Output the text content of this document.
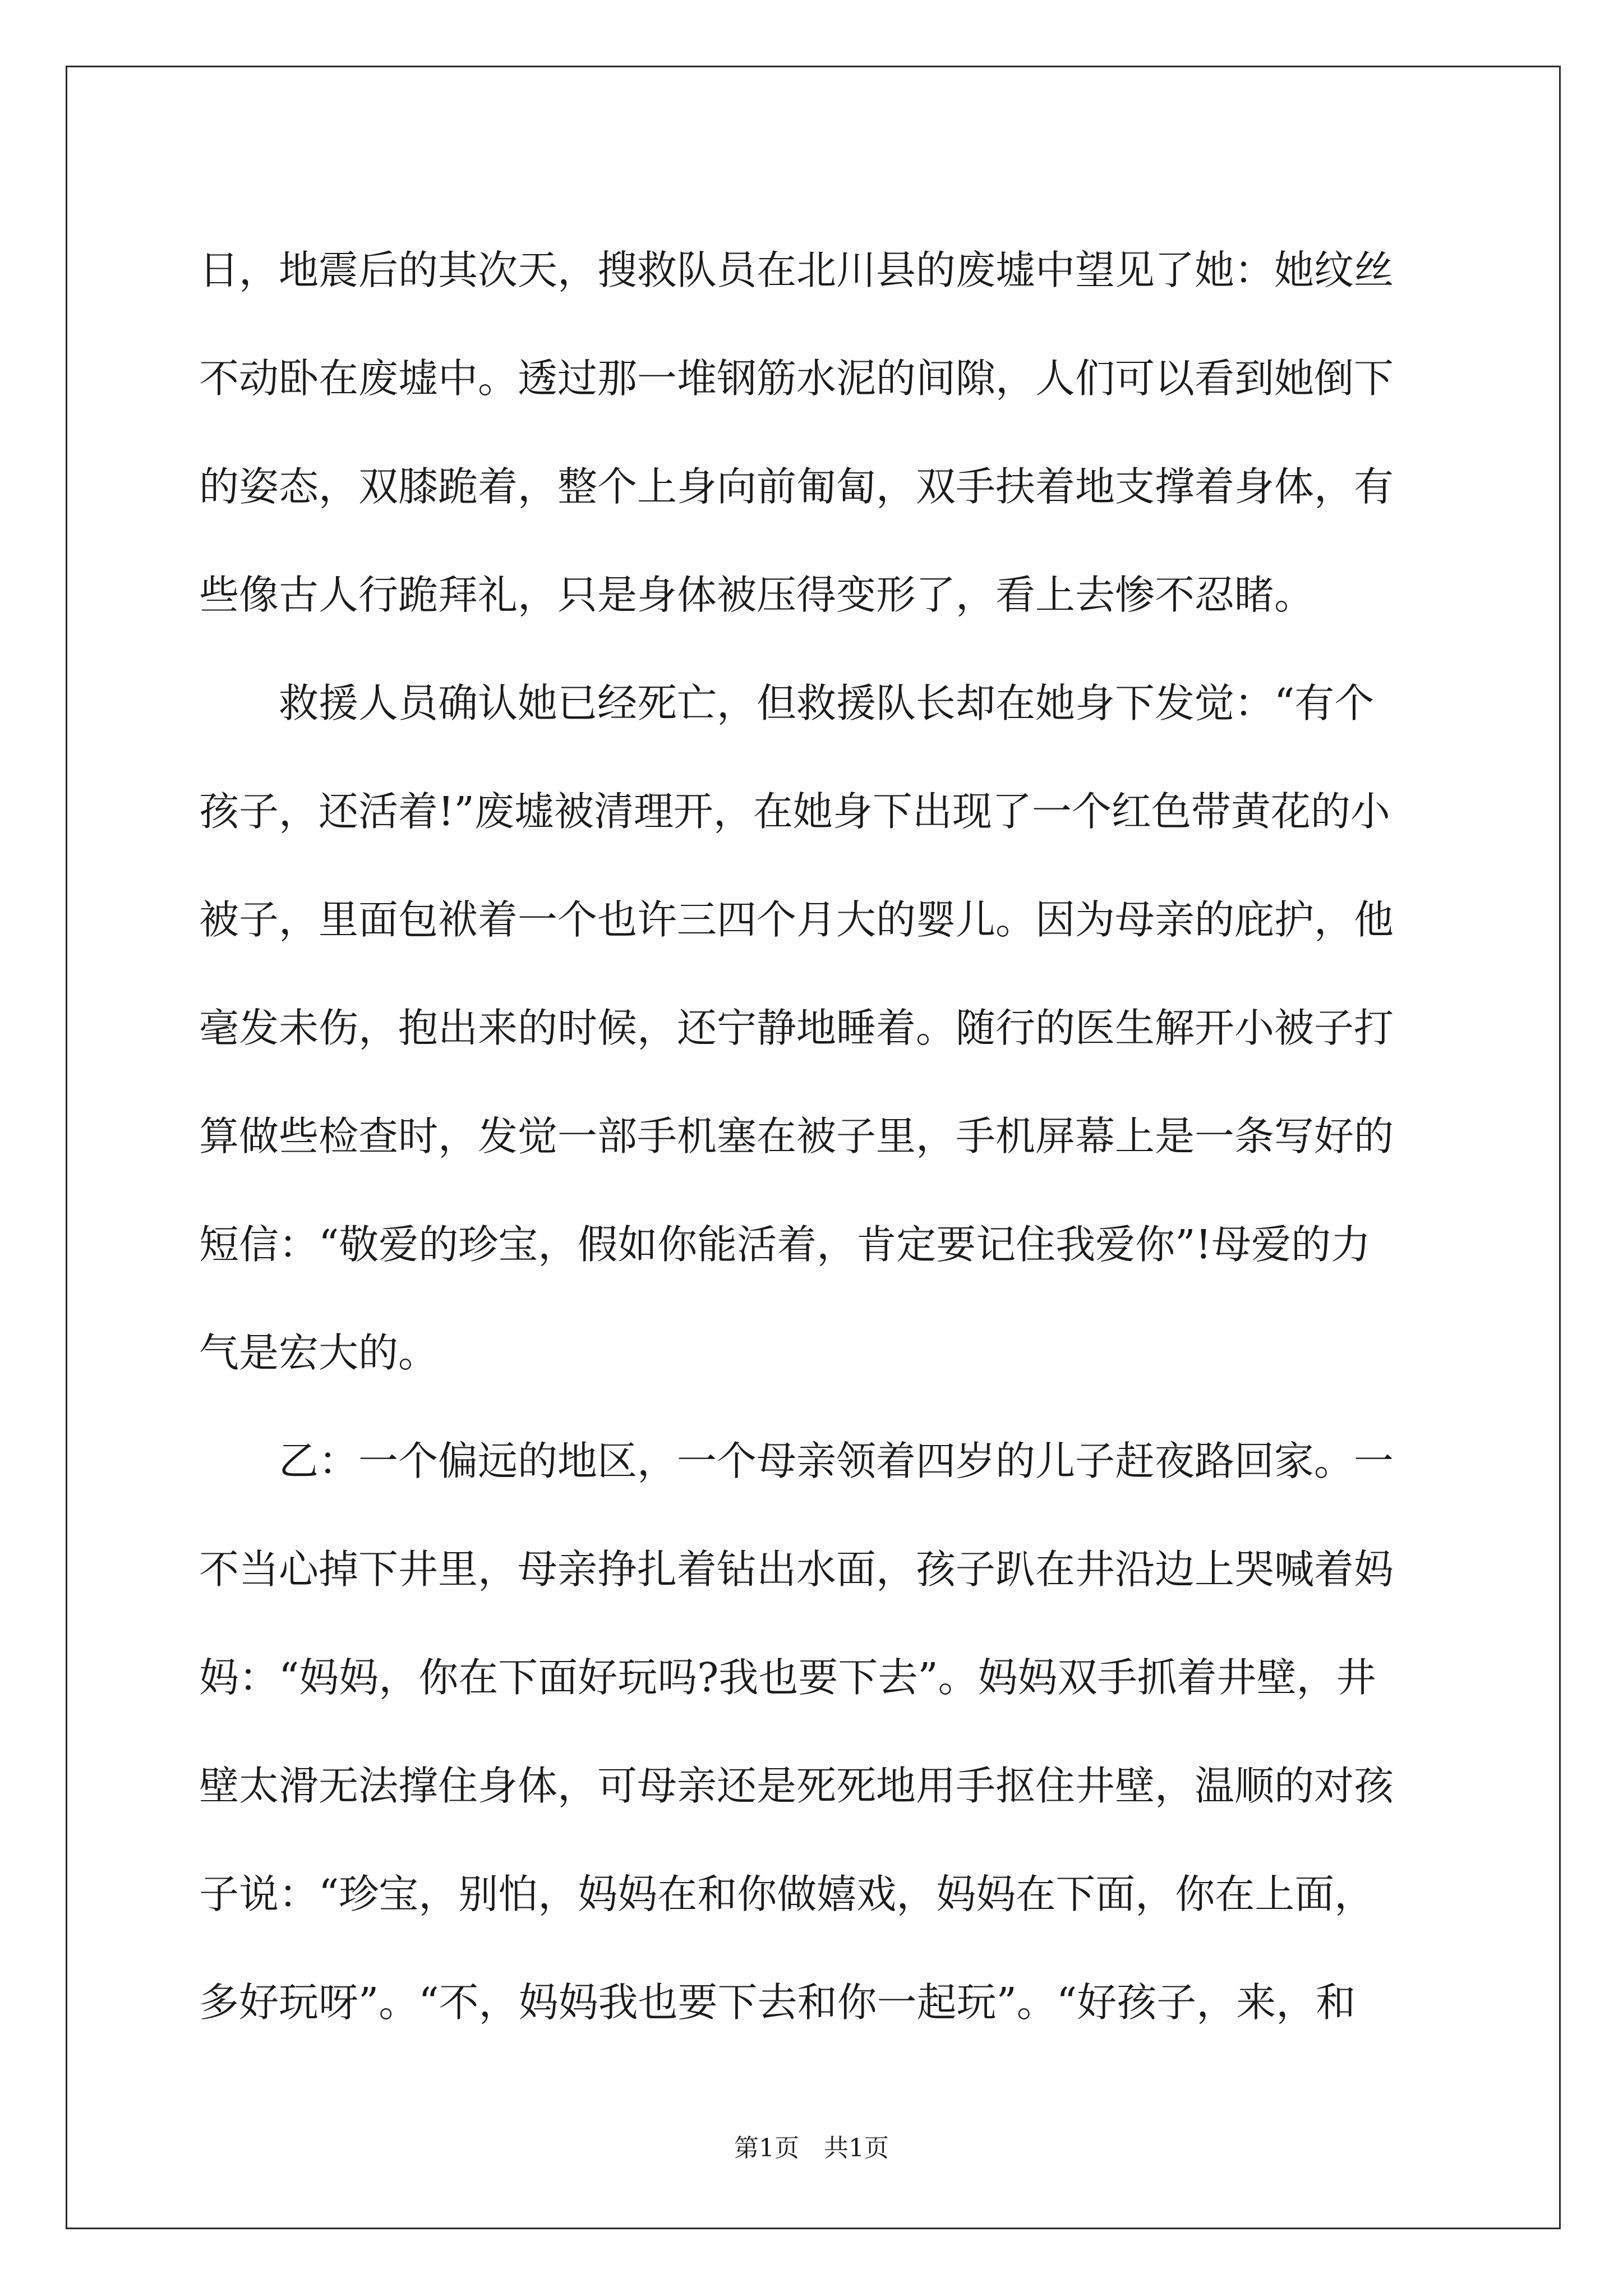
日，地震后的其次天，搜救队员在北川县的废墟中望见了她：她纹丝
不动卧在废墟中。透过那一堆钢筋水泥的间隙，人们可以看到她倒下
的姿态，双膝跪着，整个上身向前匍匐，双手扶着地支撑着身体，有
些像古人行跪拜礼，只是身体被压得变形了，看上去惨不忍睹。
　　救援人员确认她已经死亡，但救援队长却在她身下发觉：“有个
孩子，还活着!”废墟被清理开，在她身下出现了一个红色带黄花的小
被子，里面包袱着一个也许三四个月大的婴儿。因为母亲的庇护，他
毫发未伤，抱出来的时候，还宁静地睡着。随行的医生解开小被子打
算做些检查时，发觉一部手机塞在被子里，手机屏幕上是一条写好的
短信：“敬爱的珍宝，假如你能活着，肯定要记住我爱你”!母爱的力
气是宏大的。
　　乙：一个偏远的地区，一个母亲领着四岁的儿子赶夜路回家。一
不当心掉下井里，母亲挣扎着钻出水面，孩子趴在井沿边上哭喊着妈
妈：“妈妈，你在下面好玩吗?我也要下去”。妈妈双手抓着井壁，井
壁太滑无法撑住身体，可母亲还是死死地用手抠住井壁，温顺的对孩
子说：“珍宝，别怕，妈妈在和你做嬉戏，妈妈在下面，你在上面，
多好玩呀”。“不，妈妈我也要下去和你一起玩”。“好孩子，来，和
第1页　共1页
